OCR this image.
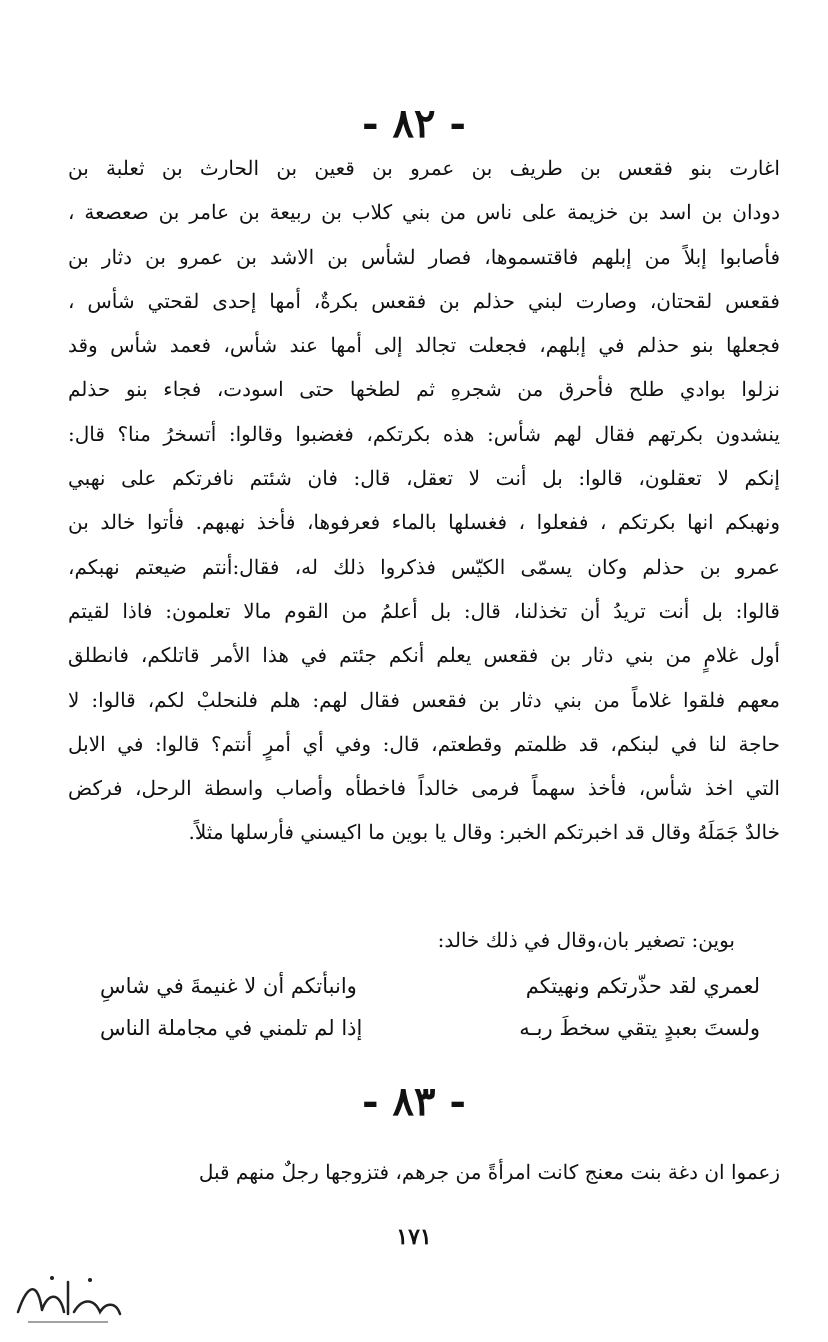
- ٨٢ -
اغارت بنو فقعس بن طريف بن عمرو بن قعين بن الحارث بن ثعلبة بن
دودان بن اسد بن خزيمة على ناس من بني كلاب بن ربيعة بن عامر بن صعصعة ،
فأصابوا إبلاً من إبلهم فاقتسموها، فصار لشأس بن الاشد بن عمرو بن دثار بن
فقعس لقحتان، وصارت لبني حذلم بن فقعس بكرةٌ، أمها إحدى لقحتي شأس ،
فجعلها بنو حذلم في إبلهم، فجعلت تجالد إلى أمها عند شأس، فعمد شأس وقد
نزلوا بوادي طلح فأحرق من شجرهِ ثم لطخها حتى اسودت، فجاء بنو حذلم
ينشدون بكرتهم فقال لهم شأس: هذه بكرتكم، فغضبوا وقالوا: أتسخرُ منا؟ قال:
إنكم لا تعقلون، قالوا: بل أنت لا تعقل، قال: فان شئتم نافرتكم على نهبي
ونهبكم انها بكرتكم ، ففعلوا ، فغسلها بالماء فعرفوها، فأخذ نهبهم. فأتوا خالد بن
عمرو بن حذلم وكان يسمّى الكيّس فذكروا ذلك له، فقال:أنتم ضيعتم نهبكم،
قالوا: بل أنت تريدُ أن تخذلنا، قال: بل أعلمُ من القوم مالا تعلمون: فاذا لقيتم
أول غلامٍ من بني دثار بن فقعس يعلم أنكم جئتم في هذا الأمر قاتلكم، فانطلق
معهم فلقوا غلاماً من بني دثار بن فقعس فقال لهم: هلم فلنحلبْ لكم، قالوا: لا
حاجة لنا في لبنكم، قد ظلمتم وقطعتم، قال: وفي أي أمرٍ أنتم؟ قالوا: في الابل
التي اخذ شأس، فأخذ سهماً فرمى خالداً فاخطأه وأصاب واسطة الرحل، فركض
خالدٌ جَمَلَهُ وقال قد اخبرتكم الخبر: وقال يا بوين ما اكيسني فأرسلها مثلاً.
بوين: تصغير بان،وقال في ذلك خالد:
لعمري لقد حذّرتكم ونهيتكم
وانبأتكم أن لا غنيمةَ في شاسِ
ولستَ بعبدٍ يتقي سخطَ ربـه
إذا لم تلمني في مجاملة الناس
- ٨٣ -
زعموا ان دغة بنت معنج كانت امرأةً من جرهم، فتزوجها رجلٌ منهم قبل
١٧١
